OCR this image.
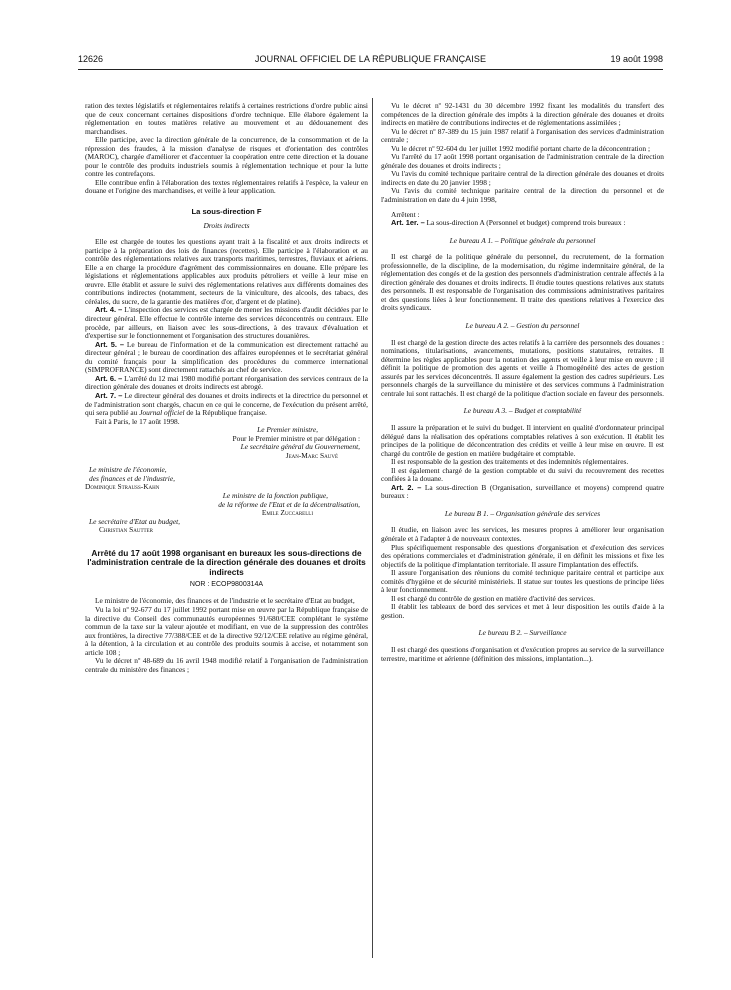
12626	JOURNAL OFFICIEL DE LA RÉPUBLIQUE FRANÇAISE	19 août 1998

ration des textes législatifs et réglementaires relatifs à certaines restrictions d'ordre public ainsi que de ceux concernant certaines dispositions d'ordre technique. Elle élabore également la réglementation en toutes matières relative au mouvement et au dédouanement des marchandises.

Elle participe, avec la direction générale de la concurrence, de la consommation et de la répression des fraudes, à la mission d'analyse de risques et d'orientation des contrôles (MAROC), chargée d'améliorer et d'accentuer la coopération entre cette direction et la douane pour le contrôle des produits industriels soumis à réglementation technique et pour la lutte contre les contrefaçons.

Elle contribue enfin à l'élaboration des textes réglementaires relatifs à l'espèce, la valeur en douane et l'origine des marchandises, et veille à leur application.

La sous-direction F
Droits indirects

Elle est chargée de toutes les questions ayant trait à la fiscalité et aux droits indirects et participe à la préparation des lois de finances (recettes). Elle participe à l'élaboration et au contrôle des réglementations relatives aux transports maritimes, terrestres, fluviaux et aériens. Elle a en charge la procédure d'agrément des commissionnaires en douane. Elle prépare les législations et réglementations applicables aux produits pétroliers et veille à leur mise en œuvre. Elle établit et assure le suivi des réglementations relatives aux différents domaines des contributions indirectes (notamment, secteurs de la viniculture, des alcools, des tabacs, des céréales, du sucre, de la garantie des matières d'or, d'argent et de platine).

Art. 4. – L'inspection des services est chargée de mener les missions d'audit décidées par le directeur général. Elle effectue le contrôle interne des services déconcentrés ou centraux. Elle procède, par ailleurs, en liaison avec les sous-directions, à des travaux d'évaluation et d'expertise sur le fonctionnement et l'organisation des structures douanières.

Art. 5. – Le bureau de l'information et de la communication est directement rattaché au directeur général ; le bureau de coordination des affaires européennes et le secrétariat général du comité français pour la simplification des procédures du commerce international (SIMPROFRANCE) sont directement rattachés au chef de service.

Art. 6. – L'arrêté du 12 mai 1980 modifié portant réorganisation des services centraux de la direction générale des douanes et droits indirects est abrogé.

Art. 7. – Le directeur général des douanes et droits indirects et la directrice du personnel et de l'administration sont chargés, chacun en ce qui le concerne, de l'exécution du présent arrêté, qui sera publié au Journal officiel de la République française.

Fait à Paris, le 17 août 1998.

Le Premier ministre,
Pour le Premier ministre et par délégation :
Le secrétaire général du Gouvernement,
Jean-Marc Sauvé
Le ministre de l'économie,
des finances et de l'industrie,
Dominique Strauss-Kahn
Le ministre de la fonction publique,
de la réforme de l'Etat et de la décentralisation,
Emile Zuccarelli
Le secrétaire d'Etat au budget,
Christian Sautter
Arrêté du 17 août 1998 organisant en bureaux les sous-directions de l'administration centrale de la direction générale des douanes et droits indirects
NOR : ECOP9800314A

Le ministre de l'économie, des finances et de l'industrie et le secrétaire d'Etat au budget,

Vu la loi nº 92-677 du 17 juillet 1992 portant mise en œuvre par la République française de la directive du Conseil des communautés européennes 91/680/CEE complétant le système commun de la taxe sur la valeur ajoutée et modifiant, en vue de la suppression des contrôles aux frontières, la directive 77/388/CEE et de la directive 92/12/CEE relative au régime général, à la détention, à la circulation et au contrôle des produits soumis à accise, et notamment son article 108 ;

Vu le décret nº 48-689 du 16 avril 1948 modifié relatif à l'organisation de l'administration centrale du ministère des finances ;

Vu le décret nº 92-1431 du 30 décembre 1992 fixant les modalités du transfert des compétences de la direction générale des impôts à la direction générale des douanes et droits indirects en matière de contributions indirectes et de réglementations assimilées ;

Vu le décret nº 87-389 du 15 juin 1987 relatif à l'organisation des services d'administration centrale ;

Vu le décret nº 92-604 du 1er juillet 1992 modifié portant charte de la déconcentration ;

Vu l'arrêté du 17 août 1998 portant organisation de l'administration centrale de la direction générale des douanes et droits indirects ;

Vu l'avis du comité technique paritaire central de la direction générale des douanes et droits indirects en date du 20 janvier 1998 ;

Vu l'avis du comité technique paritaire central de la direction du personnel et de l'administration en date du 4 juin 1998,

Arrêtent :

Art. 1er. – La sous-direction A (Personnel et budget) comprend trois bureaux :

Le bureau A 1. – Politique générale du personnel

Il est chargé de la politique générale du personnel, du recrutement, de la formation professionnelle, de la discipline, de la modernisation, du régime indemnitaire général, de la réglementation des congés et de la gestion des personnels d'administration centrale affectés à la direction générale des douanes et droits indirects. Il étudie toutes questions relatives aux statuts des personnels. Il est responsable de l'organisation des commissions administratives paritaires et des questions liées à leur fonctionnement. Il traite des questions relatives à l'exercice des droits syndicaux.

Le bureau A 2. – Gestion du personnel

Il est chargé de la gestion directe des actes relatifs à la carrière des personnels des douanes : nominations, titularisations, avancements, mutations, positions statutaires, retraites. Il détermine les règles applicables pour la notation des agents et veille à leur mise en œuvre ; il définit la politique de promotion des agents et veille à l'homogénéité des actes de gestion assurés par les services déconcentrés. Il assure également la gestion des cadres supérieurs. Les personnels chargés de la surveillance du ministère et des services communs à l'administration centrale lui sont rattachés. Il est chargé de la politique d'action sociale en faveur des personnels.

Le bureau A 3. – Budget et comptabilité

Il assure la préparation et le suivi du budget. Il intervient en qualité d'ordonnateur principal délégué dans la réalisation des opérations comptables relatives à son exécution. Il établit les principes de la politique de déconcentration des crédits et veille à leur mise en œuvre. Il est chargé du contrôle de gestion en matière budgétaire et comptable.

Il est responsable de la gestion des traitements et des indemnités réglementaires.

Il est également chargé de la gestion comptable et du suivi du recouvrement des recettes confiées à la douane.

Art. 2. – La sous-direction B (Organisation, surveillance et moyens) comprend quatre bureaux :

Le bureau B 1. – Organisation générale des services

Il étudie, en liaison avec les services, les mesures propres à améliorer leur organisation générale et à l'adapter à de nouveaux contextes.

Plus spécifiquement responsable des questions d'organisation et d'exécution des services des opérations commerciales et d'administration générale, il en définit les missions et fixe les objectifs de la politique d'implantation territoriale. Il assure l'implantation des effectifs.

Il assure l'organisation des réunions du comité technique paritaire central et participe aux comités d'hygiène et de sécurité ministériels. Il statue sur toutes les questions de principe liées à leur fonctionnement.

Il est chargé du contrôle de gestion en matière d'activité des services.

Il établit les tableaux de bord des services et met à leur disposition les outils d'aide à la gestion.

Le bureau B 2. – Surveillance

Il est chargé des questions d'organisation et d'exécution propres au service de la surveillance terrestre, maritime et aérienne (définition des missions, implantation...).
